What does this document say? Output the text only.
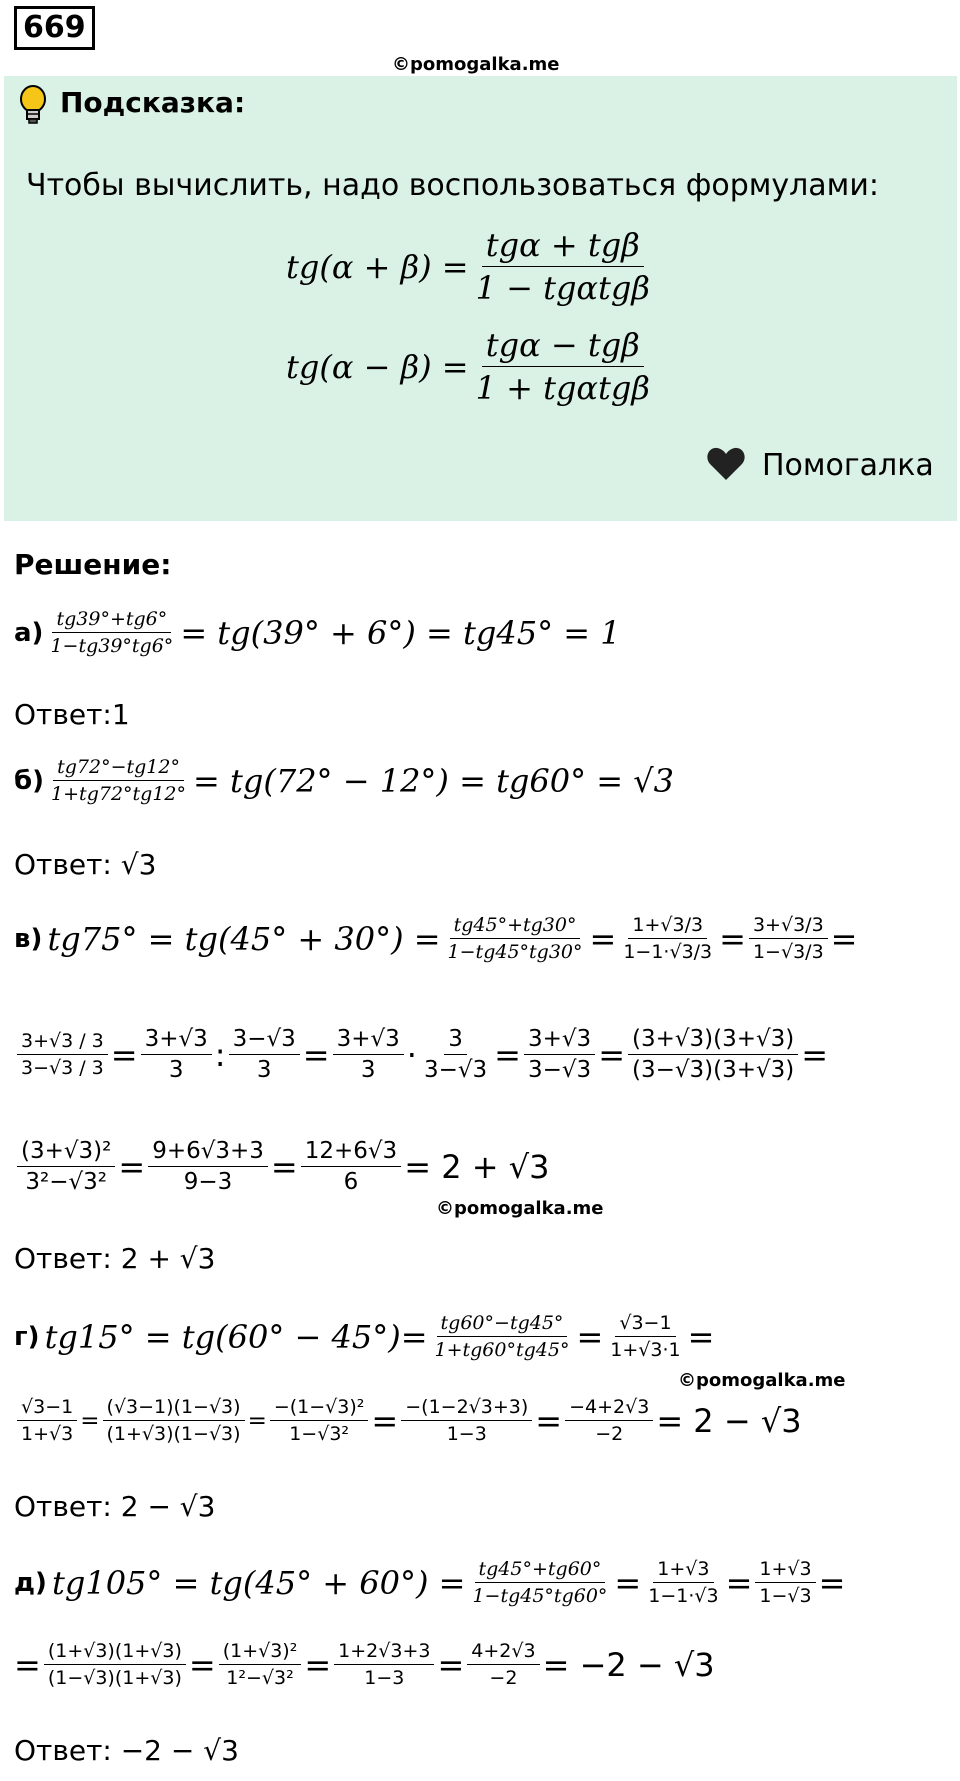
669
©pomogalka.me
Подсказка:
Чтобы вычислить, надо воспользоваться формулами:
tg(α + β) =
tgα + tgβ
1 − tgαtgβ
tg(α − β) =
tgα − tgβ
1 + tgαtgβ
Помогалка
Решение:
$а) \frac{tg39^\circ+tg6^\circ}{1-tg39^\circ tg6^\circ} = tg(39^\circ + 6^\circ) = tg45^\circ = 1$
Ответ:1
$б) \frac{tg72^\circ-tg12^\circ}{1+tg72^\circ tg12^\circ} = tg(72^\circ - 12^\circ) = tg60^\circ = √3$
Ответ: √3
в)
$tg75^\circ = tg(45^\circ + 30^\circ) = \frac{tg45^\circ+tg30^\circ}{1-tg45^\circ tg30^\circ} = \frac{1+√3/3}{1-1\cdot√3/3} = \frac{3+√3/3}{1-√3/3}$ =
$\frac{3+√3 / 3}{3-√3 / 3} = \frac{3+√3}{3}$ : $\frac{3-√3}{3} = \frac{3+√3}{3} \cdot \frac{3}{3-√3} = \frac{3+√3}{3-√3} = \frac{(3+√3)(3+√3)}{(3-√3)(3+√3)}$ =
$\frac{\text{(3+√3)²}}{\text{3²−√3²}} = \frac{9+6√3+3}{9-3} = \frac{12+6√3}{6} = 2 + √3$
©pomogalka.me
Ответ: 2 + √3
г)
$tg15^\circ = tg(60^\circ - 45^\circ)= \frac{tg60^\circ-tg45^\circ}{1+tg60^\circ tg45^\circ} = \frac{√3-1}{1+√3\cdot 1}$ =
©pomogalka.me
$\frac{√3-1}{1+√3} = \frac{(√3-1)(1-√3)}{(1+√3)(1-√3)} = \frac{\text{−(1−√3)²}}{\text{1−√3²}} = \frac{-(1-2√3+3)}{1-3} = \frac{-4+2√3}{-2} = 2 - √3$
Ответ: 2 − √3
д)
$tg105^\circ = tg(45^\circ + 60^\circ) = \frac{tg45^\circ+tg60^\circ}{1-tg45^\circ tg60^\circ} = \frac{1+√3}{1-1\cdot√3} = \frac{1+√3}{1-√3}$ =
= $\frac{(1+√3)(1+√3)}{(1-√3)(1+√3)} = \frac{\text{(1+√3)²}}{\text{1²−√3²}} = \frac{1+2√3+3}{1-3} = \frac{4+2√3}{-2} = -2 - √3$
Ответ: −2 − √3
